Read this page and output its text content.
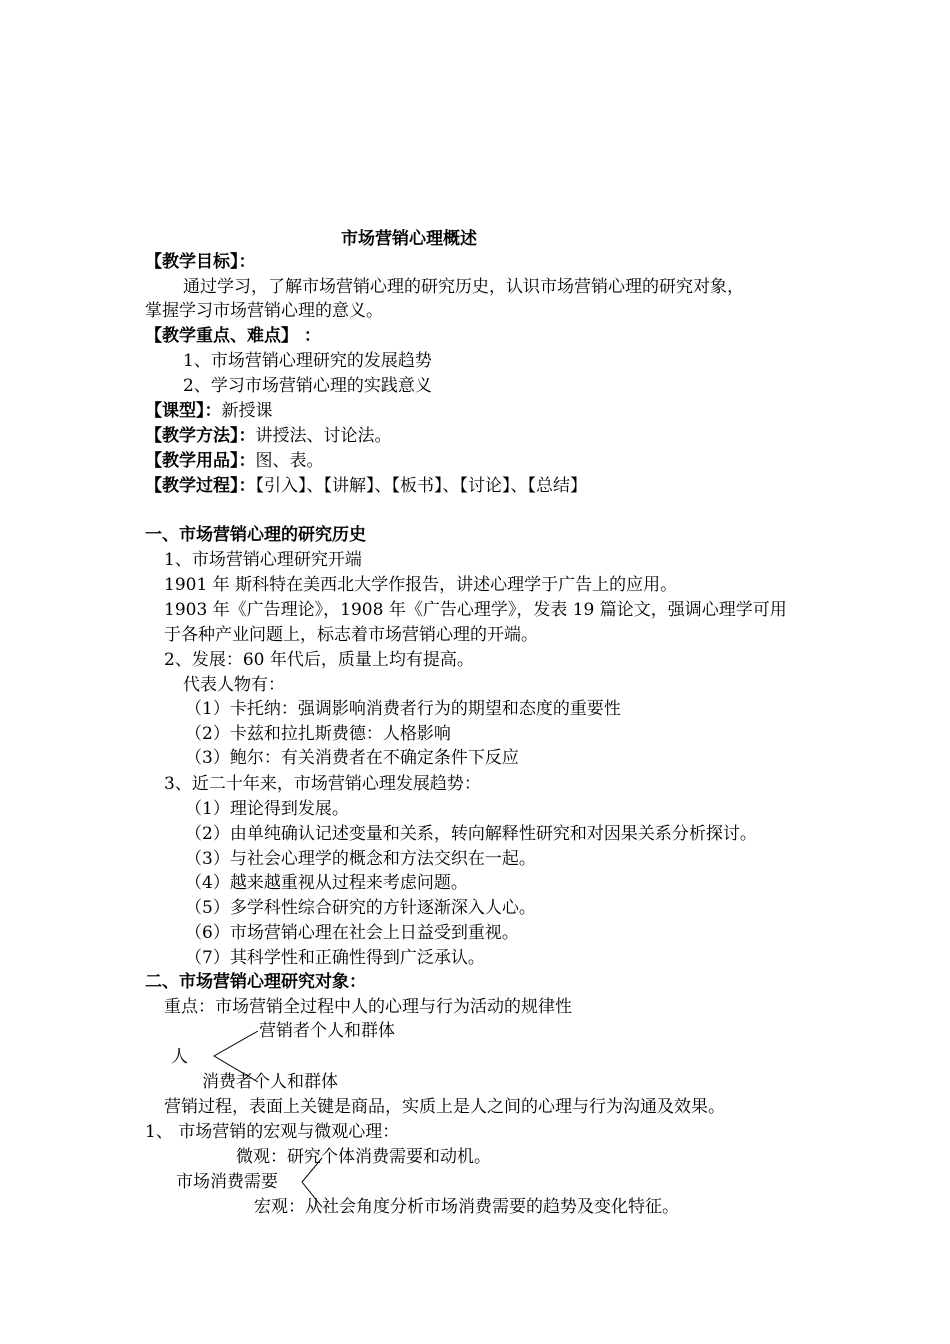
市场营销心理概述
【教学目标】：
通过学习，了解市场营销心理的研究历史，认识市场营销心理的研究对象，
掌握学习市场营销心理的意义。
【教学重点、难点】 ：
1、市场营销心理研究的发展趋势
2、学习市场营销心理的实践意义
【课型】：新授课
【教学方法】：讲授法、讨论法。
【教学用品】：图、表。
【教学过程】：【引入】、【讲解】、【板书】、【讨论】、【总结】
一、市场营销心理的研究历史
1、市场营销心理研究开端
1901 年 斯科特在美西北大学作报告，讲述心理学于广告上的应用。
1903 年《广告理论》，1908 年《广告心理学》，发表 19 篇论文，强调心理学可用
于各种产业问题上，标志着市场营销心理的开端。
2、发展：60 年代后，质量上均有提高。
代表人物有：
（1）卡托纳：强调影响消费者行为的期望和态度的重要性
（2）卡兹和拉扎斯费德：人格影响
（3）鲍尔：有关消费者在不确定条件下反应
3、近二十年来，市场营销心理发展趋势：
（1）理论得到发展。
（2）由单纯确认记述变量和关系，转向解释性研究和对因果关系分析探讨。
（3）与社会心理学的概念和方法交织在一起。
（4）越来越重视从过程来考虑问题。
（5）多学科性综合研究的方针逐渐深入人心。
（6）市场营销心理在社会上日益受到重视。
（7）其科学性和正确性得到广泛承认。
二、市场营销心理研究对象：
重点：市场营销全过程中人的心理与行为活动的规律性
营销者个人和群体
人
消费者个人和群体
营销过程，表面上关键是商品，实质上是人之间的心理与行为沟通及效果。
1、 市场营销的宏观与微观心理：
微观：研究个体消费需要和动机。
市场消费需要
宏观：从社会角度分析市场消费需要的趋势及变化特征。
